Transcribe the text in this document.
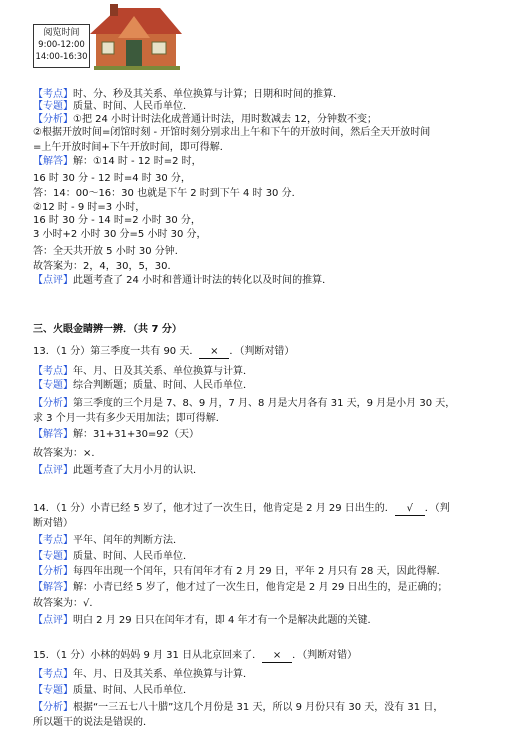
阅览时间
9:00-12:00
14:00-16:30
【考点】时、分、秒及其关系、单位换算与计算；日期和时间的推算．
【专题】质量、时间、人民币单位．
【分析】①把 24 小时计时法化成普通计时法，用时数减去 12，分钟数不变；
②根据开放时间=闭馆时刻 - 开馆时刻分别求出上午和下午的开放时间，然后全天开放时间
=上午开放时间+下午开放时间，即可得解．
【解答】解：①14 时 - 12 时=2 时，
16 时 30 分 - 12 时=4 时 30 分，
答：14：00～16：30 也就是下午 2 时到下午 4 时 30 分．
②12 时 - 9 时=3 小时，
16 时 30 分 - 14 时=2 小时 30 分，
3 小时+2 小时 30 分=5 小时 30 分，
答：全天共开放 5 小时 30 分钟．
故答案为：2，4，30，5，30．
【点评】此题考查了 24 小时和普通计时法的转化以及时间的推算．
三、火眼金睛辨一辨．（共 7 分）
13．（1 分）第三季度一共有 90 天． × ．（判断对错）
【考点】年、月、日及其关系、单位换算与计算．
【专题】综合判断题；质量、时间、人民币单位．
【分析】第三季度的三个月是 7、8、9 月，7 月、8 月是大月各有 31 天，9 月是小月 30 天，
求 3 个月一共有多少天用加法；即可得解．
【解答】解：31+31+30=92（天）
故答案为：×．
【点评】此题考查了大月小月的认识．
14．（1 分）小青已经 5 岁了，他才过了一次生日，他肯定是 2 月 29 日出生的． √ ．（判
断对错）
【考点】平年、闰年的判断方法．
【专题】质量、时间、人民币单位．
【分析】每四年出现一个闰年，只有闰年才有 2 月 29 日，平年 2 月只有 28 天，因此得解．
【解答】解：小青已经 5 岁了，他才过了一次生日，他肯定是 2 月 29 日出生的，是正确的；
故答案为：√．
【点评】明白 2 月 29 日只在闰年才有，即 4 年才有一个是解决此题的关键．
15．（1 分）小林的妈妈 9 月 31 日从北京回来了． × ．（判断对错）
【考点】年、月、日及其关系、单位换算与计算．
【专题】质量、时间、人民币单位．
【分析】根据“一三五七八十腊”这几个月份是 31 天，所以 9 月份只有 30 天，没有 31 日，
所以题干的说法是错误的．
